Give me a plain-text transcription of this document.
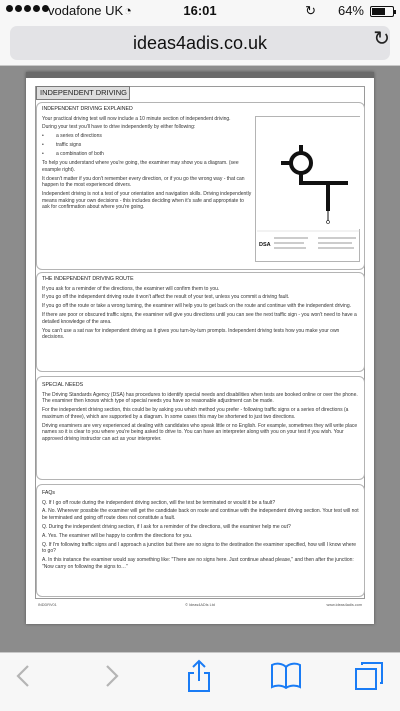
vodafone UK ◔	16:01	↻ 64%
ideas4adis.co.uk	↻
INDEPENDENT DRIVING
INDEPENDENT DRIVING EXPLAINED

Your practical driving test will now include a 10 minute section of independent driving.

During your test you'll have to drive independently by either following:

• a series of directions
• traffic signs
• a combination of both

To help you understand where you're going, the examiner may show you a diagram. (see example right).

It doesn't matter if you don't remember every direction, or if you go the wrong way - that can happen to the most experienced drivers.

Independent driving is not a test of your orientation and navigation skills. Driving independently means making your own decisions - this includes deciding when it's safe and appropriate to ask for confirmation about where you're going.

DSA
THE INDEPENDENT DRIVING ROUTE

If you ask for a reminder of the directions, the examiner will confirm them to you.

If you go off the independent driving route it won't affect the result of your test, unless you commit a driving fault.

If you go off the route or take a wrong turning, the examiner will help you to get back on the route and continue with the independent driving.

If there are poor or obscured traffic signs, the examiner will give you directions until you can see the next traffic sign - you won't need to have a detailed knowledge of the area.

You can't use a sat nav for independent driving as it gives you turn-by-turn prompts. Independent driving tests how you make your own decisions.

SPECIAL NEEDS

The Driving Standards Agency (DSA) has procedures to identify special needs and disabilities when tests are booked online or over the phone. The examiner then knows which type of special needs you have so reasonable adjustment can be made.

For the independent driving section, this could be by asking you which method you prefer - following traffic signs or a series of directions (a maximum of three), which are supported by a diagram. In some cases this may be shortened to just two directions.

Driving examiners are very experienced at dealing with candidates who speak little or no English. For example, sometimes they will write place names so it is clear to you where you're being asked to drive to. You can have an interpreter along with you on your test if you wish. Your approved driving instructor can act as your interpreter.

FAQs

Q. If I go off route during the independent driving section, will the test be terminated or would it be a fault?

A. No. Wherever possible the examiner will get the candidate back on route and continue with the independent driving section. Your test will not be terminated and going off route does not constitute a fault.

Q. During the independent driving section, if I ask for a reminder of the directions, will the examiner help me out?

A. Yes. The examiner will be happy to confirm the directions for you.

Q. If I'm following traffic signs and I approach a junction but there are no signs to the destination the examiner specified, how will I know where to go?

A. In this instance the examiner would say something like: "There are no signs here. Just continue ahead please," and then after the junction: "Now carry on following the signs to…"

INDDRV01	© Ideas4ADIs Ltd	www.ideas4adis.com
